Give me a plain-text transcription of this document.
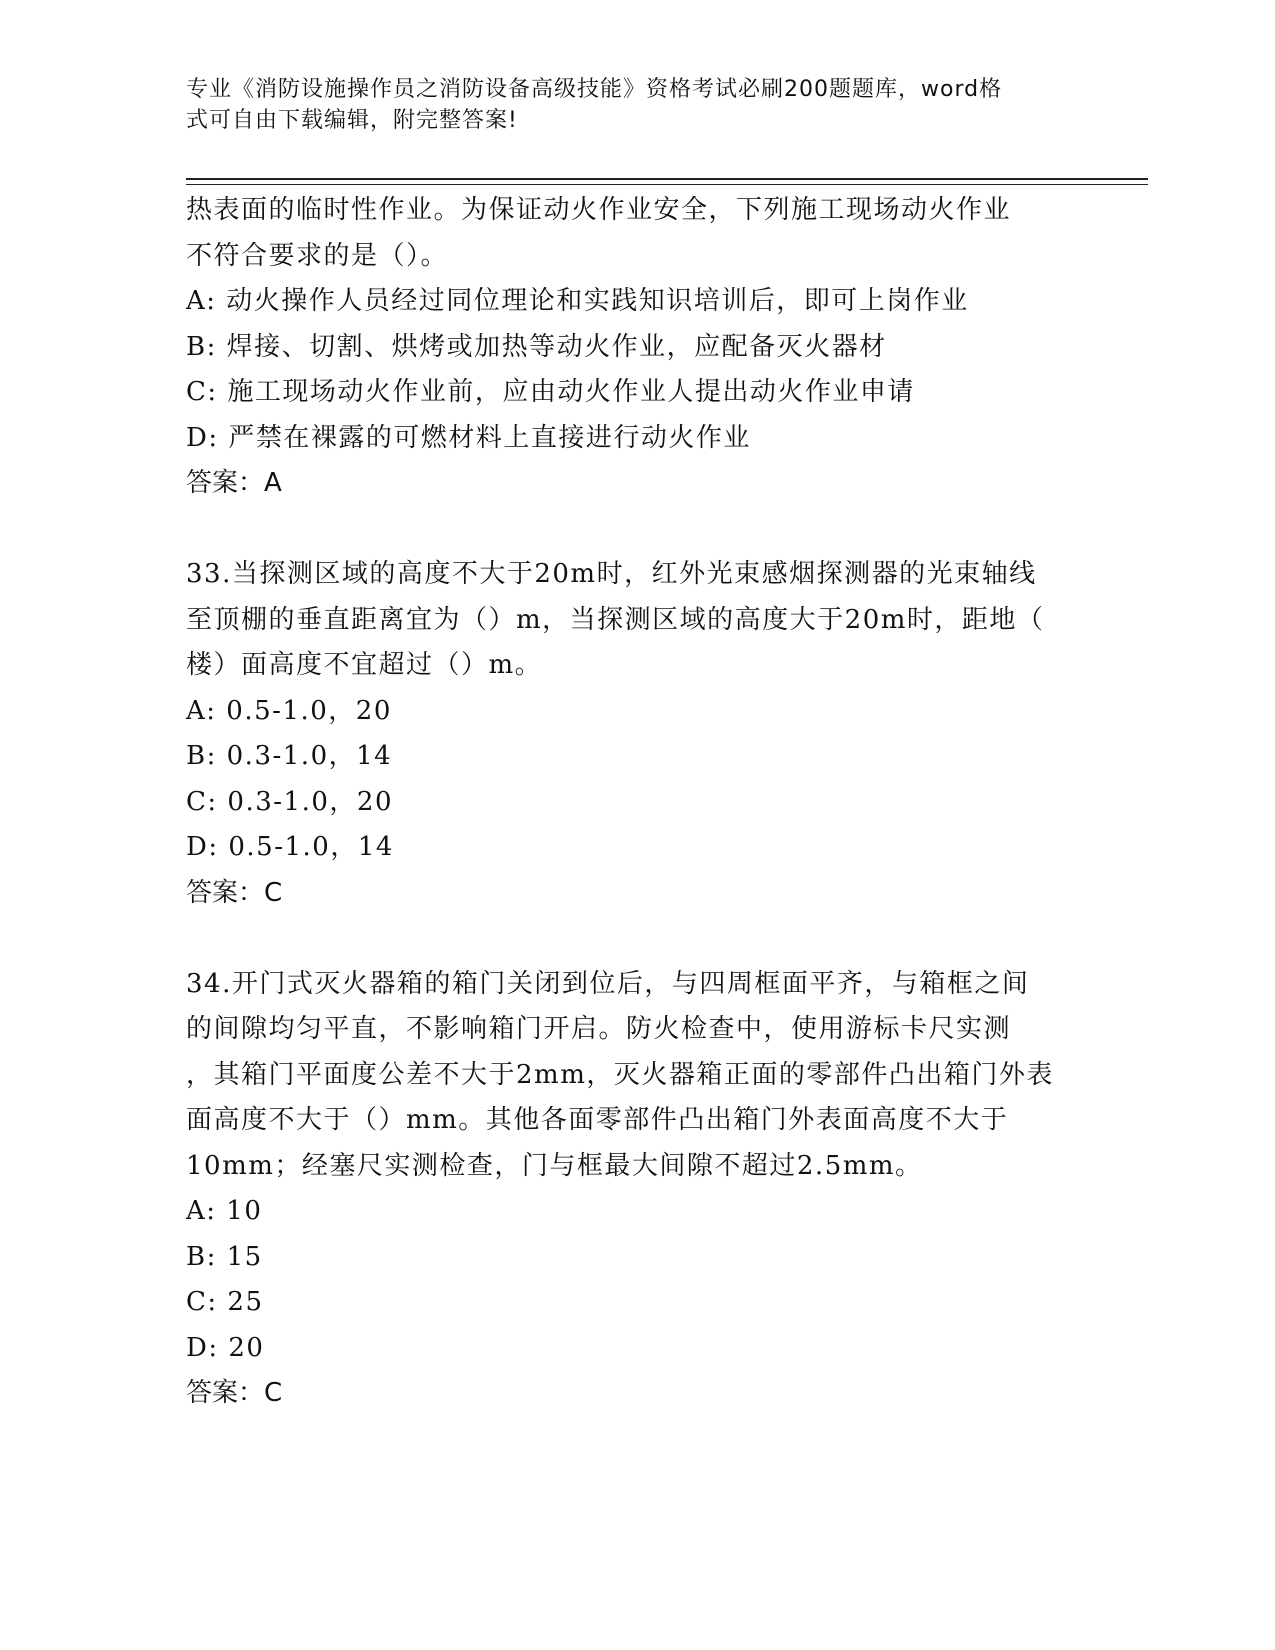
专业《消防设施操作员之消防设备高级技能》资格考试必刷200题题库，word格
式可自由下载编辑，附完整答案!
热表面的临时性作业。为保证动火作业安全，下列施工现场动火作业
不符合要求的是（）。
A: 动火操作人员经过同位理论和实践知识培训后，即可上岗作业
B: 焊接、切割、烘烤或加热等动火作业，应配备灭火器材
C: 施工现场动火作业前，应由动火作业人提出动火作业申请
D: 严禁在裸露的可燃材料上直接进行动火作业
答案：A
33.当探测区域的高度不大于20m时，红外光束感烟探测器的光束轴线
至顶棚的垂直距离宜为（）m，当探测区域的高度大于20m时，距地（
楼）面高度不宜超过（）m。
A: 0.5-1.0，20
B: 0.3-1.0，14
C: 0.3-1.0，20
D: 0.5-1.0，14
答案：C
34.开门式灭火器箱的箱门关闭到位后，与四周框面平齐，与箱框之间
的间隙均匀平直，不影响箱门开启。防火检查中，使用游标卡尺实测
，其箱门平面度公差不大于2mm，灭火器箱正面的零部件凸出箱门外表
面高度不大于（）mm。其他各面零部件凸出箱门外表面高度不大于
10mm；经塞尺实测检查，门与框最大间隙不超过2.5mm。
A: 10
B: 15
C: 25
D: 20
答案：C
